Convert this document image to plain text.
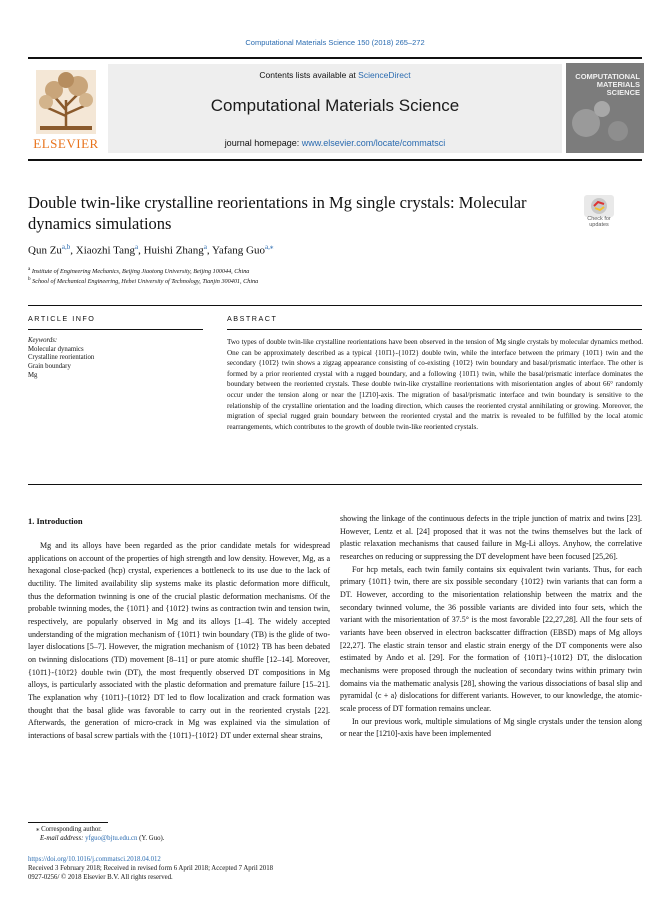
Computational Materials Science 150 (2018) 265–272
ELSEVIER
Contents lists available at ScienceDirect
Computational Materials Science
journal homepage: www.elsevier.com/locate/commatsci
COMPUTATIONAL
MATERIALS
SCIENCE
Double twin-like crystalline reorientations in Mg single crystals: Molecular dynamics simulations	Check for updates
Qun Zu$^{a,b}$, Xiaozhi Tang$^a$, Huishi Zhang$^a$, Yafang Guo$^{a,⁎}$
$^a$ Institute of Engineering Mechanics, Beijing Jiaotong University, Beijing 100044, China
$^b$ School of Mechanical Engineering, Hebei University of Technology, Tianjin 300401, China
ARTICLE INFO	ABSTRACT
Keywords:
Molecular dynamics
Crystalline reorientation
Grain boundary
Mg
Two types of double twin-like crystalline reorientations have been observed in the tension of Mg single crystals by molecular dynamics method. One can be approximately described as a typical {101̄1}-{101̄2} double twin, while the interface between the primary {101̄1} twin and the secondary {101̄2} twin shows a zigzag appearance consisting of co-existing {101̄2} twin boundary and basal/prismatic interface. The other is formed by a prior reoriented crystal with a rugged boundary, and a following {101̄1} twin, while the basal/prismatic interface dominates the boundary between the reoriented crystals. These double twin-like crystalline reorientations with misorientation angles of about 66° randomly occur under the tension along or near the [12̄10]-axis. The migration of basal/prismatic interface and twin boundary is sensitive to the relationship of the crystalline orientation and the loading direction, which causes the reoriented crystal annihilating or growing. Moreover, the migration of special rugged grain boundary between the reoriented crystal and the matrix is revealed to be fulfilled by the local atomic rearrangements, which contributes to the growth of double twin-like reoriented crystals.
1. Introduction

Mg and its alloys have been regarded as the prior candidate metals for widespread applications on account of the properties of high strength and low density. However, Mg, as a hexagonal close-packed (hcp) crystal, experiences a bottleneck to its use due to the lack of ductility. The limited availability slip systems make its plastic deformation more difficult, thus the deformation twinning is one of the crucial plastic deformation mechanisms. Of the probable twinning modes, the {101̄1} and {101̄2} twins as contraction twin and tension twin, respectively, are popularly observed in Mg and its alloys [1–4]. The widely accepted understanding of the migration mechanism of {101̄1} twin boundary (TB) is the glide of two-layer dislocations [5–7]. However, the migration mechanism of {101̄2} TB has been debated on twinning dislocations (TD) movement [8–11] or pure atomic shuffle [12–14]. Moreover, {101̄1}-{101̄2} double twin (DT), the most frequently observed DT compositions in Mg alloys, is particularly associated with the plastic deformation and premature failure [15–21]. The explanation why {101̄1}-{101̄2} DT led to flow localization and crack formation was thought that the basal glide was favorable to carry out in the reoriented crystals [22]. Afterwards, the generation of micro-crack in Mg was explained via the simulation of interactions of basal screw partials with the {101̄1}-{101̄2} DT under external shear strains,

showing the linkage of the continuous defects in the triple junction of matrix and twins [23]. However, Lentz et al. [24] proposed that it was not the twins themselves but the lack of plastic relaxation mechanisms that caused failure in Mg-Li alloys. Anyhow, the correlative researches on reducing or suppressing the DT development have been focused [25,26].

For hcp metals, each twin family contains six equivalent twin variants. Thus, for each primary {101̄1} twin, there are six possible secondary {101̄2} twin variants that can form a DT. However, according to the misorientation relationship between the matrix and the secondary twinned volume, the 36 possible variants are divided into four sets, which the variant with the misorientation of 37.5° is the most favorable [22,27,28]. All the four sets of variants have been observed in electron backscatter diffraction (EBSD) maps of Mg alloys [22,27]. The elastic strain tensor and elastic strain energy of the DT components were also estimated by Ando et al. [29]. For the formation of {101̄1}-{101̄2} DT, the dislocation mechanisms were proposed through the nucleation of secondary twins within primary twin domains via the mathematic analysis [28], showing the various dissociations of basal slip and pyramidal ⟨c + a⟩ dislocations for different variants. However, to our knowledge, the atomic-scale process of DT formation remains unclear.

In our previous work, multiple simulations of Mg single crystals under the tension along or near the [12̄10]-axis have been implemented

⁎ Corresponding author.
E-mail address: yfguo@bjtu.edu.cn (Y. Guo).
https://doi.org/10.1016/j.commatsci.2018.04.012
Received 3 February 2018; Received in revised form 6 April 2018; Accepted 7 April 2018
0927-0256/ © 2018 Elsevier B.V. All rights reserved.
